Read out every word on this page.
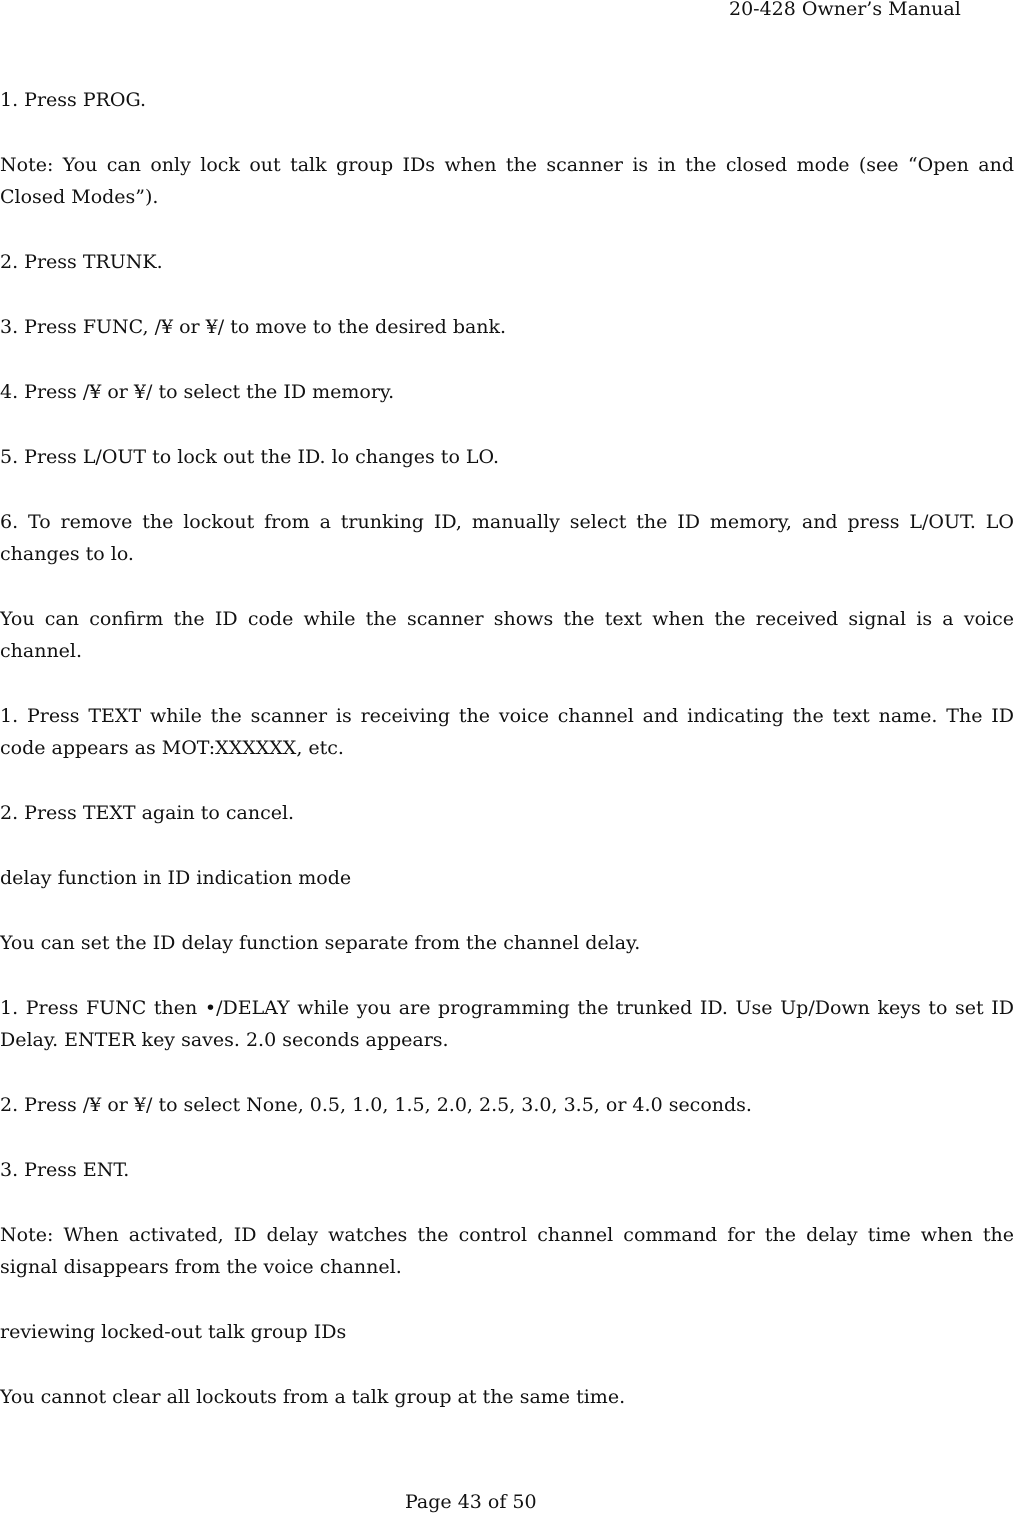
20-428 Owner’s Manual

1. Press PROG.

Note: You can only lock out talk group IDs when the scanner is in the closed mode (see “Open and Closed Modes”).

2. Press TRUNK.

3. Press FUNC, /¥ or ¥/ to move to the desired bank.

4. Press /¥ or ¥/ to select the ID memory.

5. Press L/OUT to lock out the ID. lo changes to LO.

6. To remove the lockout from a trunking ID, manually select the ID memory, and press L/OUT. LO changes to lo.

You can confirm the ID code while the scanner shows the text when the received signal is a voice channel.

1. Press TEXT while the scanner is receiving the voice channel and indicating the text name. The ID code appears as MOT:XXXXXX, etc.

2. Press TEXT again to cancel.

delay function in ID indication mode

You can set the ID delay function separate from the channel delay.

1. Press FUNC then •/DELAY while you are programming the trunked ID. Use Up/Down keys to set ID Delay. ENTER key saves. 2.0 seconds appears.

2. Press /¥ or ¥/ to select None, 0.5, 1.0, 1.5, 2.0, 2.5, 3.0, 3.5, or 4.0 seconds.

3. Press ENT.

Note: When activated, ID delay watches the control channel command for the delay time when the signal disappears from the voice channel.

reviewing locked-out talk group IDs

You cannot clear all lockouts from a talk group at the same time.

Page 43 of 50
